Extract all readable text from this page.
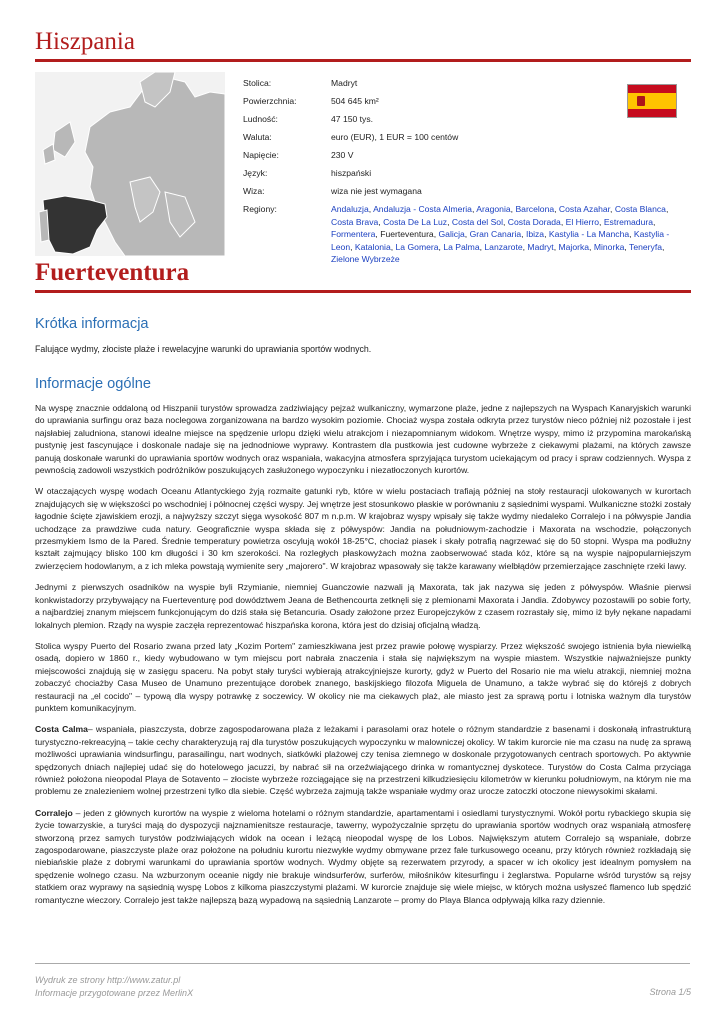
Hiszpania
Stolica:	Madryt
Powierzchnia:	504 645 km²
Ludność:	47 150 tys.
Waluta:	euro (EUR), 1 EUR = 100 centów
Napięcie:	230 V
Język:	hiszpański
Wiza:	wiza nie jest wymagana
Regiony:	Andaluzja, Andaluzja - Costa Almeria, Aragonia, Barcelona, Costa Azahar, Costa Blanca, Costa Brava, Costa De La Luz, Costa del Sol, Costa Dorada, El Hierro, Estremadura, Formentera, Fuerteventura, Galicja, Gran Canaria, Ibiza, Kastylia - La Mancha, Kastylia - Leon, Katalonia, La Gomera, La Palma, Lanzarote, Madryt, Majorka, Minorka, Teneryfa, Zielone Wybrzeże
Fuerteventura
Krótka informacja
Falujące wydmy, złociste plaże i rewelacyjne warunki do uprawiania sportów wodnych.
Informacje ogólne

Na wyspę znacznie oddaloną od Hiszpanii turystów sprowadza zadziwiający pejzaż wulkaniczny, wymarzone plaże, jedne z najlepszych na Wyspach Kanaryjskich warunki do uprawiania surfingu oraz baza noclegowa zorganizowana na bardzo wysokim poziomie. Chociaż wyspa została odkryta przez turystów nieco później niż pozostałe i jest najsłabiej zaludniona, stanowi idealne miejsce na spędzenie urlopu dzięki wielu atrakcjom i niezapomnianym widokom. Wnętrze wyspy, mimo iż przypomina marokańską pustynię jest fascynujące i doskonale nadaje się na jednodniowe wyprawy. Kontrastem dla pustkowia jest cudowne wybrzeże z ciekawymi plażami, na których zawsze panują doskonałe warunki do uprawiania sportów wodnych oraz wspaniała, wakacyjna atmosfera sprzyjająca turystom uciekającym od pracy i spraw codziennych. Wyspa z pewnością zadowoli wszystkich podróżników poszukujących zasłużonego wypoczynku i niezatłoczonych kurortów.

W otaczających wyspę wodach Oceanu Atlantyckiego żyją rozmaite gatunki ryb, które w wielu postaciach trafiają później na stoły restauracji ulokowanych w kurortach znajdujących się w większości po wschodniej i północnej części wyspy. Jej wnętrze jest stosunkowo płaskie w porównaniu z sąsiednimi wyspami. Wulkaniczne stożki zostały łagodnie ścięte zjawiskiem erozji, a najwyższy szczyt sięga wysokość 807 m n.p.m. W krajobraz wyspy wpisały się także wydmy niedaleko Corralejo i na półwyspie Jandia uchodzące za prawdziwe cuda natury. Geograficznie wyspa składa się z półwyspów: Jandia na południowym-zachodzie i Maxorata na wschodzie, połączonych przesmykiem Ismo de la Pared. Średnie temperatury powietrza oscylują wokół 18-25°C, chociaż piasek i skały potrafią nagrzewać się do 50 stopni. Wyspa ma podłużny kształt zajmujący blisko 100 km długości i 30 km szerokości. Na rozległych płaskowyżach można zaobserwować stada kóz, które są na wyspie najpopularniejszym zwierzęciem hodowlanym, a z ich mleka powstają wymienite sery „majorero". W krajobraz wpasowały się także karawany wielbłądów przemierzające zaschnięte rzeki lawy.

Jednymi z pierwszych osadników na wyspie byli Rzymianie, niemniej Guanczowie nazwali ją Maxorata, tak jak nazywa się jeden z półwyspów. Właśnie pierwsi konkwistadorzy przybywający na Fuerteventurę pod dowództwem Jeana de Bethencourta zetknęli się z plemionami Maxorata i Jandia. Zdobywcy pozostawili po sobie forty, a najbardziej znanym miejscem funkcjonującym do dziś stała się Betancuria. Osady założone przez Europejczyków z czasem rozrastały się, mimo iż były nękane napadami lokalnych plemion. Rządy na wyspie zaczęła reprezentować hiszpańska korona, która jest do dzisiaj oficjalną władzą.

Stolica wyspy Puerto del Rosario zwana przed laty „Kozim Portem" zamieszkiwana jest przez prawie połowę wyspiarzy. Przez większość swojego istnienia była niewielką osadą, dopiero w 1860 r., kiedy wybudowano w tym miejscu port nabrała znaczenia i stała się największym na wyspie miastem. Wszystkie najważniejsze punkty miejscowości znajdują się w zasięgu spaceru. Na pobyt stały turyści wybierają atrakcyjniejsze kurorty, gdyż w Puerto del Rosario nie ma wielu atrakcji, niemniej można zobaczyć chociażby Casa Museo de Unamuno prezentujące dorobek znanego, baskijskiego filozofa Miguela de Unamuno, a także wybrać się do którejś z dobrych restauracji na „el cocido" – typową dla wyspy potrawkę z soczewicy. W okolicy nie ma ciekawych plaż, ale miasto jest za sprawą portu i lotniska ważnym dla turystów punktem komunikacyjnym.

Costa Calma– wspaniała, piaszczysta, dobrze zagospodarowana plaża z leżakami i parasolami oraz hotele o różnym standardzie z basenami i doskonałą infrastrukturą turystyczno-rekreacyjną – takie cechy charakteryzują raj dla turystów poszukujących wypoczynku w malowniczej okolicy. W takim kurorcie nie ma czasu na nudę za sprawą możliwości uprawiania windsurfingu, parasailingu, nart wodnych, siatkówki plażowej czy tenisa ziemnego w doskonale przygotowanych centrach sportowych. Po aktywnie spędzonych dniach najlepiej udać się do hotelowego jacuzzi, by nabrać sił na orzeźwiającego drinka w romantycznej dyskotece. Turystów do Costa Calma przyciąga również położona nieopodal Playa de Sotavento – złociste wybrzeże rozciągające się na przestrzeni kilkudziesięciu kilometrów w kierunku południowym, na którym nie ma problemu ze znalezieniem wolnej przestrzeni tylko dla siebie. Część wybrzeża zajmują także wspaniałe wydmy oraz urocze zatoczki otoczone niewysokimi skałami.

Corralejo – jeden z głównych kurortów na wyspie z wieloma hotelami o różnym standardzie, apartamentami i osiedlami turystycznymi. Wokół portu rybackiego skupia się życie towarzyskie, a turyści mają do dyspozycji najznamienitsze restauracje, tawerny, wypożyczalnie sprzętu do uprawiania sportów wodnych oraz wspaniałą atmosferę stworzoną przez samych turystów podziwiających widok na ocean i leżącą nieopodal wyspę de los Lobos. Największym atutem Corralejo są wspaniałe, dobrze zagospodarowane, piaszczyste plaże oraz położone na południu kurortu niezwykłe wydmy obmywane przez fale turkusowego oceanu, przy których również rozkładają się niebiańskie plaże z dobrymi warunkami do uprawiania sportów wodnych. Wydmy objęte są rezerwatem przyrody, a spacer w ich okolicy jest idealnym pomysłem na spędzenie wolnego czasu. Na wzburzonym oceanie nigdy nie brakuje windsurferów, surferów, miłośników kitesurfingu i żeglarstwa. Popularne wśród turystów są rejsy statkiem oraz wyprawy na sąsiednią wyspę Lobos z kilkoma piaszczystymi plażami. W kurorcie znajduje się wiele miejsc, w których można usłyszeć flamenco lub spędzić romantyczne wieczory. Corralejo jest także najlepszą bazą wypadową na sąsiednią Lanzarote – promy do Playa Blanca odpływają kilka razy dziennie.

Wydruk ze strony http://www.zatur.pl
Informacje przygotowane przez MerlinX	Strona 1/5
